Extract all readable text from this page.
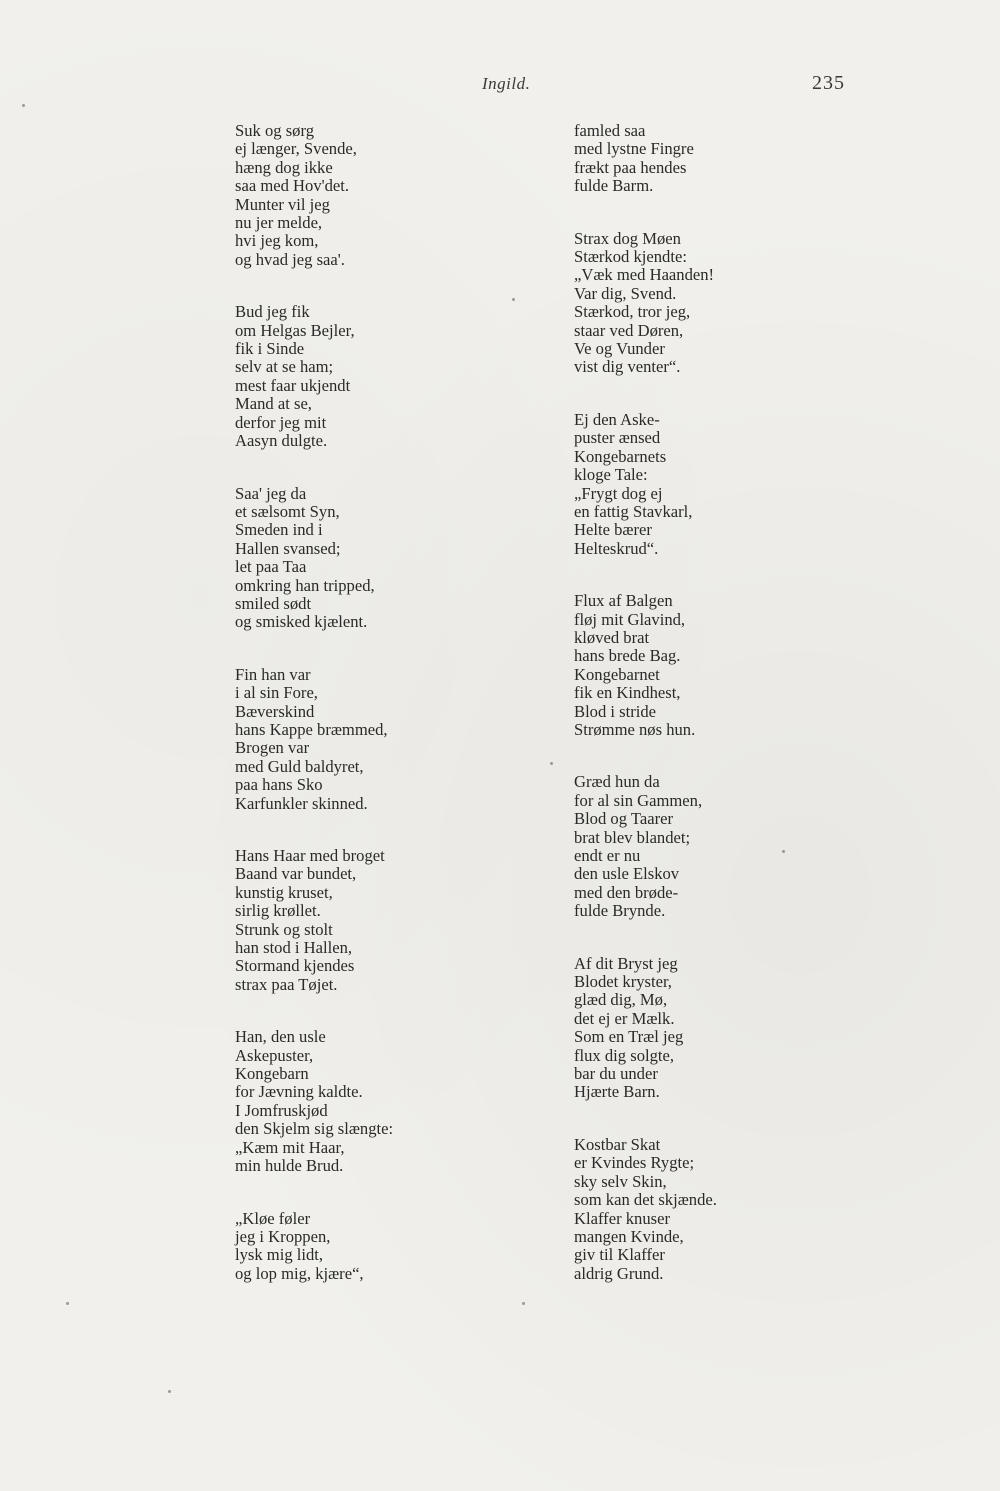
Ingild.	235
Suk og sørg
ej længer, Svende,
hæng dog ikke
saa med Hov'det.
Munter vil jeg
nu jer melde,
hvi jeg kom,
og hvad jeg saa'.
Bud jeg fik
om Helgas Bejler,
fik i Sinde
selv at se ham;
mest faar ukjendt
Mand at se,
derfor jeg mit
Aasyn dulgte.
Saa' jeg da
et sælsomt Syn,
Smeden ind i
Hallen svansed;
let paa Taa
omkring han tripped,
smiled sødt
og smisked kjælent.
Fin han var
i al sin Fore,
Bæverskind
hans Kappe bræmmed,
Brogen var
med Guld baldyret,
paa hans Sko
Karfunkler skinned.
Hans Haar med broget
Baand var bundet,
kunstig kruset,
sirlig krøllet.
Strunk og stolt
han stod i Hallen,
Stormand kjendes
strax paa Tøjet.
Han, den usle
Askepuster,
Kongebarn
for Jævning kaldte.
I Jomfruskjød
den Skjelm sig slængte:
„Kæm mit Haar,
min hulde Brud.
„Kløe føler
jeg i Kroppen,
lysk mig lidt,
og lop mig, kjære“,
famled saa
med lystne Fingre
frækt paa hendes
fulde Barm.
Strax dog Møen
Stærkod kjendte:
„Væk med Haanden!
Var dig, Svend.
Stærkod, tror jeg,
staar ved Døren,
Ve og Vunder
vist dig venter“.
Ej den Aske-
puster ænsed
Kongebarnets
kloge Tale:
„Frygt dog ej
en fattig Stavkarl,
Helte bærer
Helteskrud“.
Flux af Balgen
fløj mit Glavind,
kløved brat
hans brede Bag.
Kongebarnet
fik en Kindhest,
Blod i stride
Strømme nøs hun.
Græd hun da
for al sin Gammen,
Blod og Taarer
brat blev blandet;
endt er nu
den usle Elskov
med den brøde-
fulde Brynde.
Af dit Bryst jeg
Blodet kryster,
glæd dig, Mø,
det ej er Mælk.
Som en Træl jeg
flux dig solgte,
bar du under
Hjærte Barn.
Kostbar Skat
er Kvindes Rygte;
sky selv Skin,
som kan det skjænde.
Klaffer knuser
mangen Kvinde,
giv til Klaffer
aldrig Grund.
